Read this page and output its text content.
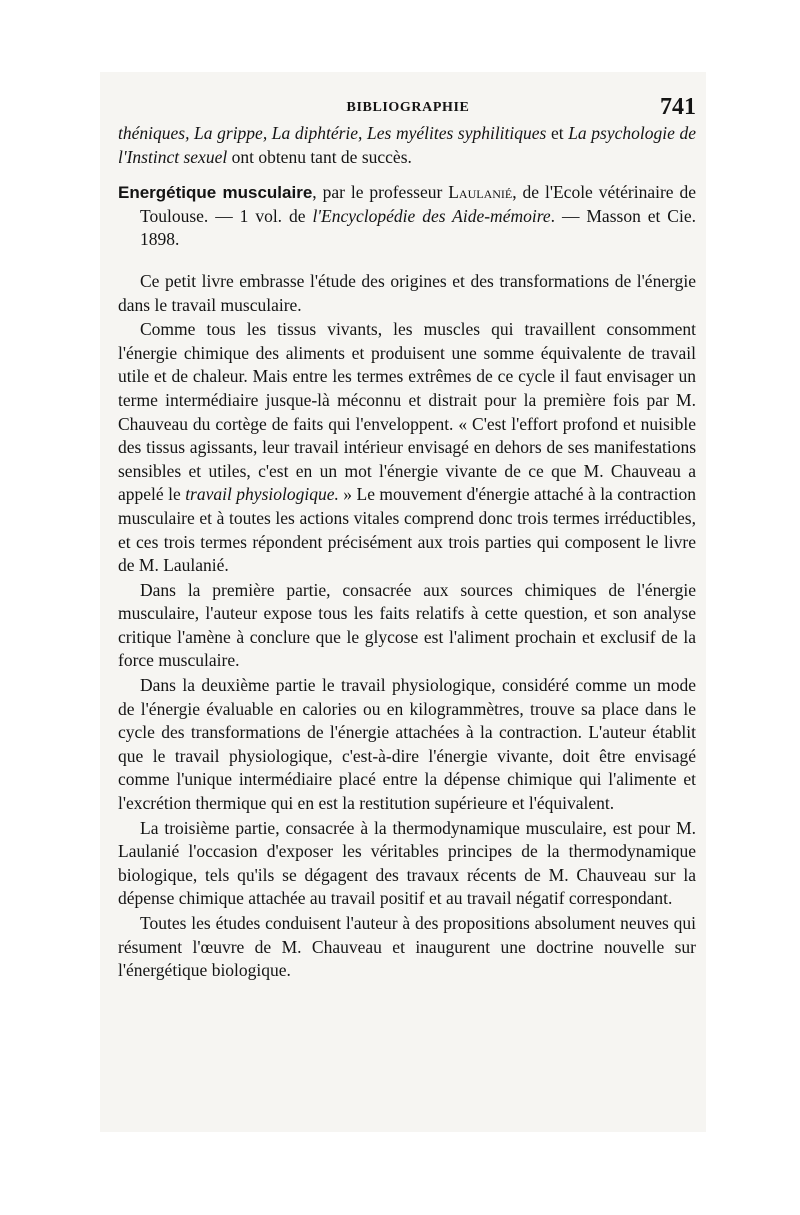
BIBLIOGRAPHIE	741

théniques, La grippe, La diphtérie, Les myélites syphilitiques et La psychologie de l'Instinct sexuel ont obtenu tant de succès.

Energétique musculaire, par le professeur Laulanié, de l'Ecole vétérinaire de Toulouse. — 1 vol. de l'Encyclopédie des Aide-mémoire. — Masson et Cie. 1898.

Ce petit livre embrasse l'étude des origines et des transformations de l'énergie dans le travail musculaire.

Comme tous les tissus vivants, les muscles qui travaillent consomment l'énergie chimique des aliments et produisent une somme équivalente de travail utile et de chaleur. Mais entre les termes extrêmes de ce cycle il faut envisager un terme intermédiaire jusque-là méconnu et distrait pour la première fois par M. Chauveau du cortège de faits qui l'enveloppent. « C'est l'effort profond et nuisible des tissus agissants, leur travail intérieur envisagé en dehors de ses manifestations sensibles et utiles, c'est en un mot l'énergie vivante de ce que M. Chauveau a appelé le travail physiologique. » Le mouvement d'énergie attaché à la contraction musculaire et à toutes les actions vitales comprend donc trois termes irréductibles, et ces trois termes répondent précisément aux trois parties qui composent le livre de M. Laulanié.

Dans la première partie, consacrée aux sources chimiques de l'énergie musculaire, l'auteur expose tous les faits relatifs à cette question, et son analyse critique l'amène à conclure que le glycose est l'aliment prochain et exclusif de la force musculaire.

Dans la deuxième partie le travail physiologique, considéré comme un mode de l'énergie évaluable en calories ou en kilogrammètres, trouve sa place dans le cycle des transformations de l'énergie attachées à la contraction. L'auteur établit que le travail physiologique, c'est-à-dire l'énergie vivante, doit être envisagé comme l'unique intermédiaire placé entre la dépense chimique qui l'alimente et l'excrétion thermique qui en est la restitution supérieure et l'équivalent.

La troisième partie, consacrée à la thermodynamique musculaire, est pour M. Laulanié l'occasion d'exposer les véritables principes de la thermodynamique biologique, tels qu'ils se dégagent des travaux récents de M. Chauveau sur la dépense chimique attachée au travail positif et au travail négatif correspondant.

Toutes les études conduisent l'auteur à des propositions absolument neuves qui résument l'œuvre de M. Chauveau et inaugurent une doctrine nouvelle sur l'énergétique biologique.
